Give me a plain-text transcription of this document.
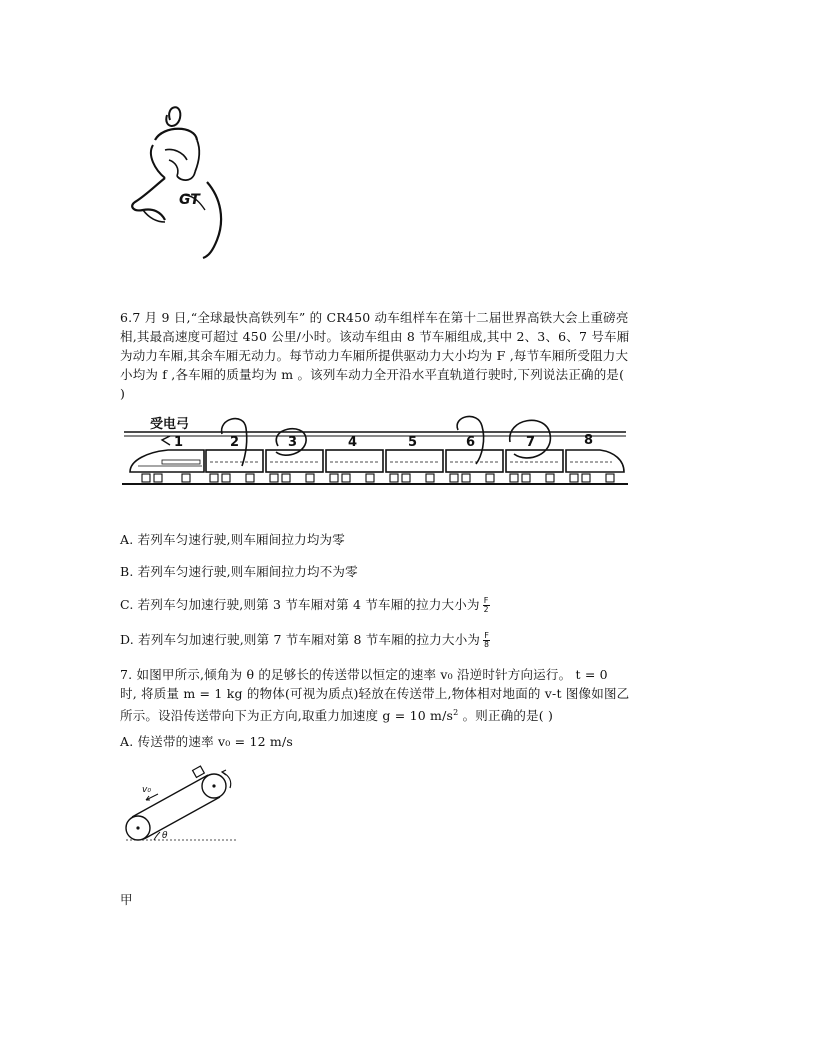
GT
6.7 月 9 日,“全球最快高铁列车” 的 CR450 动车组样车在第十二届世界高铁大会上重磅亮
相,其最高速度可超过 450 公里/小时。该动车组由 8 节车厢组成,其中 2、3、6、7 号车厢
为动力车厢,其余车厢无动力。每节动力车厢所提供驱动力大小均为 F ,每节车厢所受阻力大
小均为 f ,各车厢的质量均为 m 。该列车动力全开沿水平直轨道行驶时,下列说法正确的是(
)
受电弓
1	2	3	4	5	6	7	8
A. 若列车匀速行驶,则车厢间拉力均为零
B. 若列车匀速行驶,则车厢间拉力均不为零
C. 若列车匀加速行驶,则第 3 节车厢对第 4 节车厢的拉力大小为 $\frac{F}{2}$
D. 若列车匀加速行驶,则第 7 节车厢对第 8 节车厢的拉力大小为 $\frac{F}{8}$
7. 如图甲所示,倾角为 θ 的足够长的传送带以恒定的速率 v₀ 沿逆时针方向运行。 t = 0
时, 将质量 m = 1 kg 的物体(可视为质点)轻放在传送带上,物体相对地面的 v-t 图像如图乙
所示。设沿传送带向下为正方向,取重力加速度 g = 10 $m/s^2$ 。则正确的是( )
A. 传送带的速率 v₀ = 12 m/s
v₀
θ
甲
